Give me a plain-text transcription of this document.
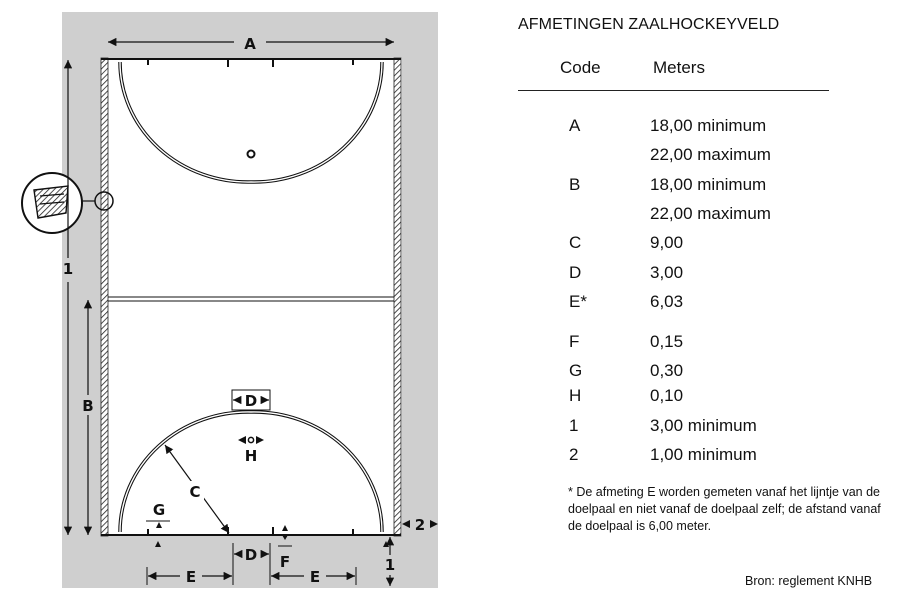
A
1
B	D
H
C
G
D F
E	E
1
2
AFMETINGEN ZAALHOCKEYVELD
Code	Meters
A	18,00 minimum
22,00 maximum
B	18,00 minimum
22,00 maximum
C	9,00
D	3,00
E*	6,03
F	0,15
G	0,30
H	0,10
1	3,00 minimum
2	1,00 minimum
* De afmeting E worden gemeten vanaf het lijntje van de doelpaal en niet vanaf de doelpaal zelf; de afstand vanaf de doelpaal is 6,00 meter.
Bron: reglement KNHB
